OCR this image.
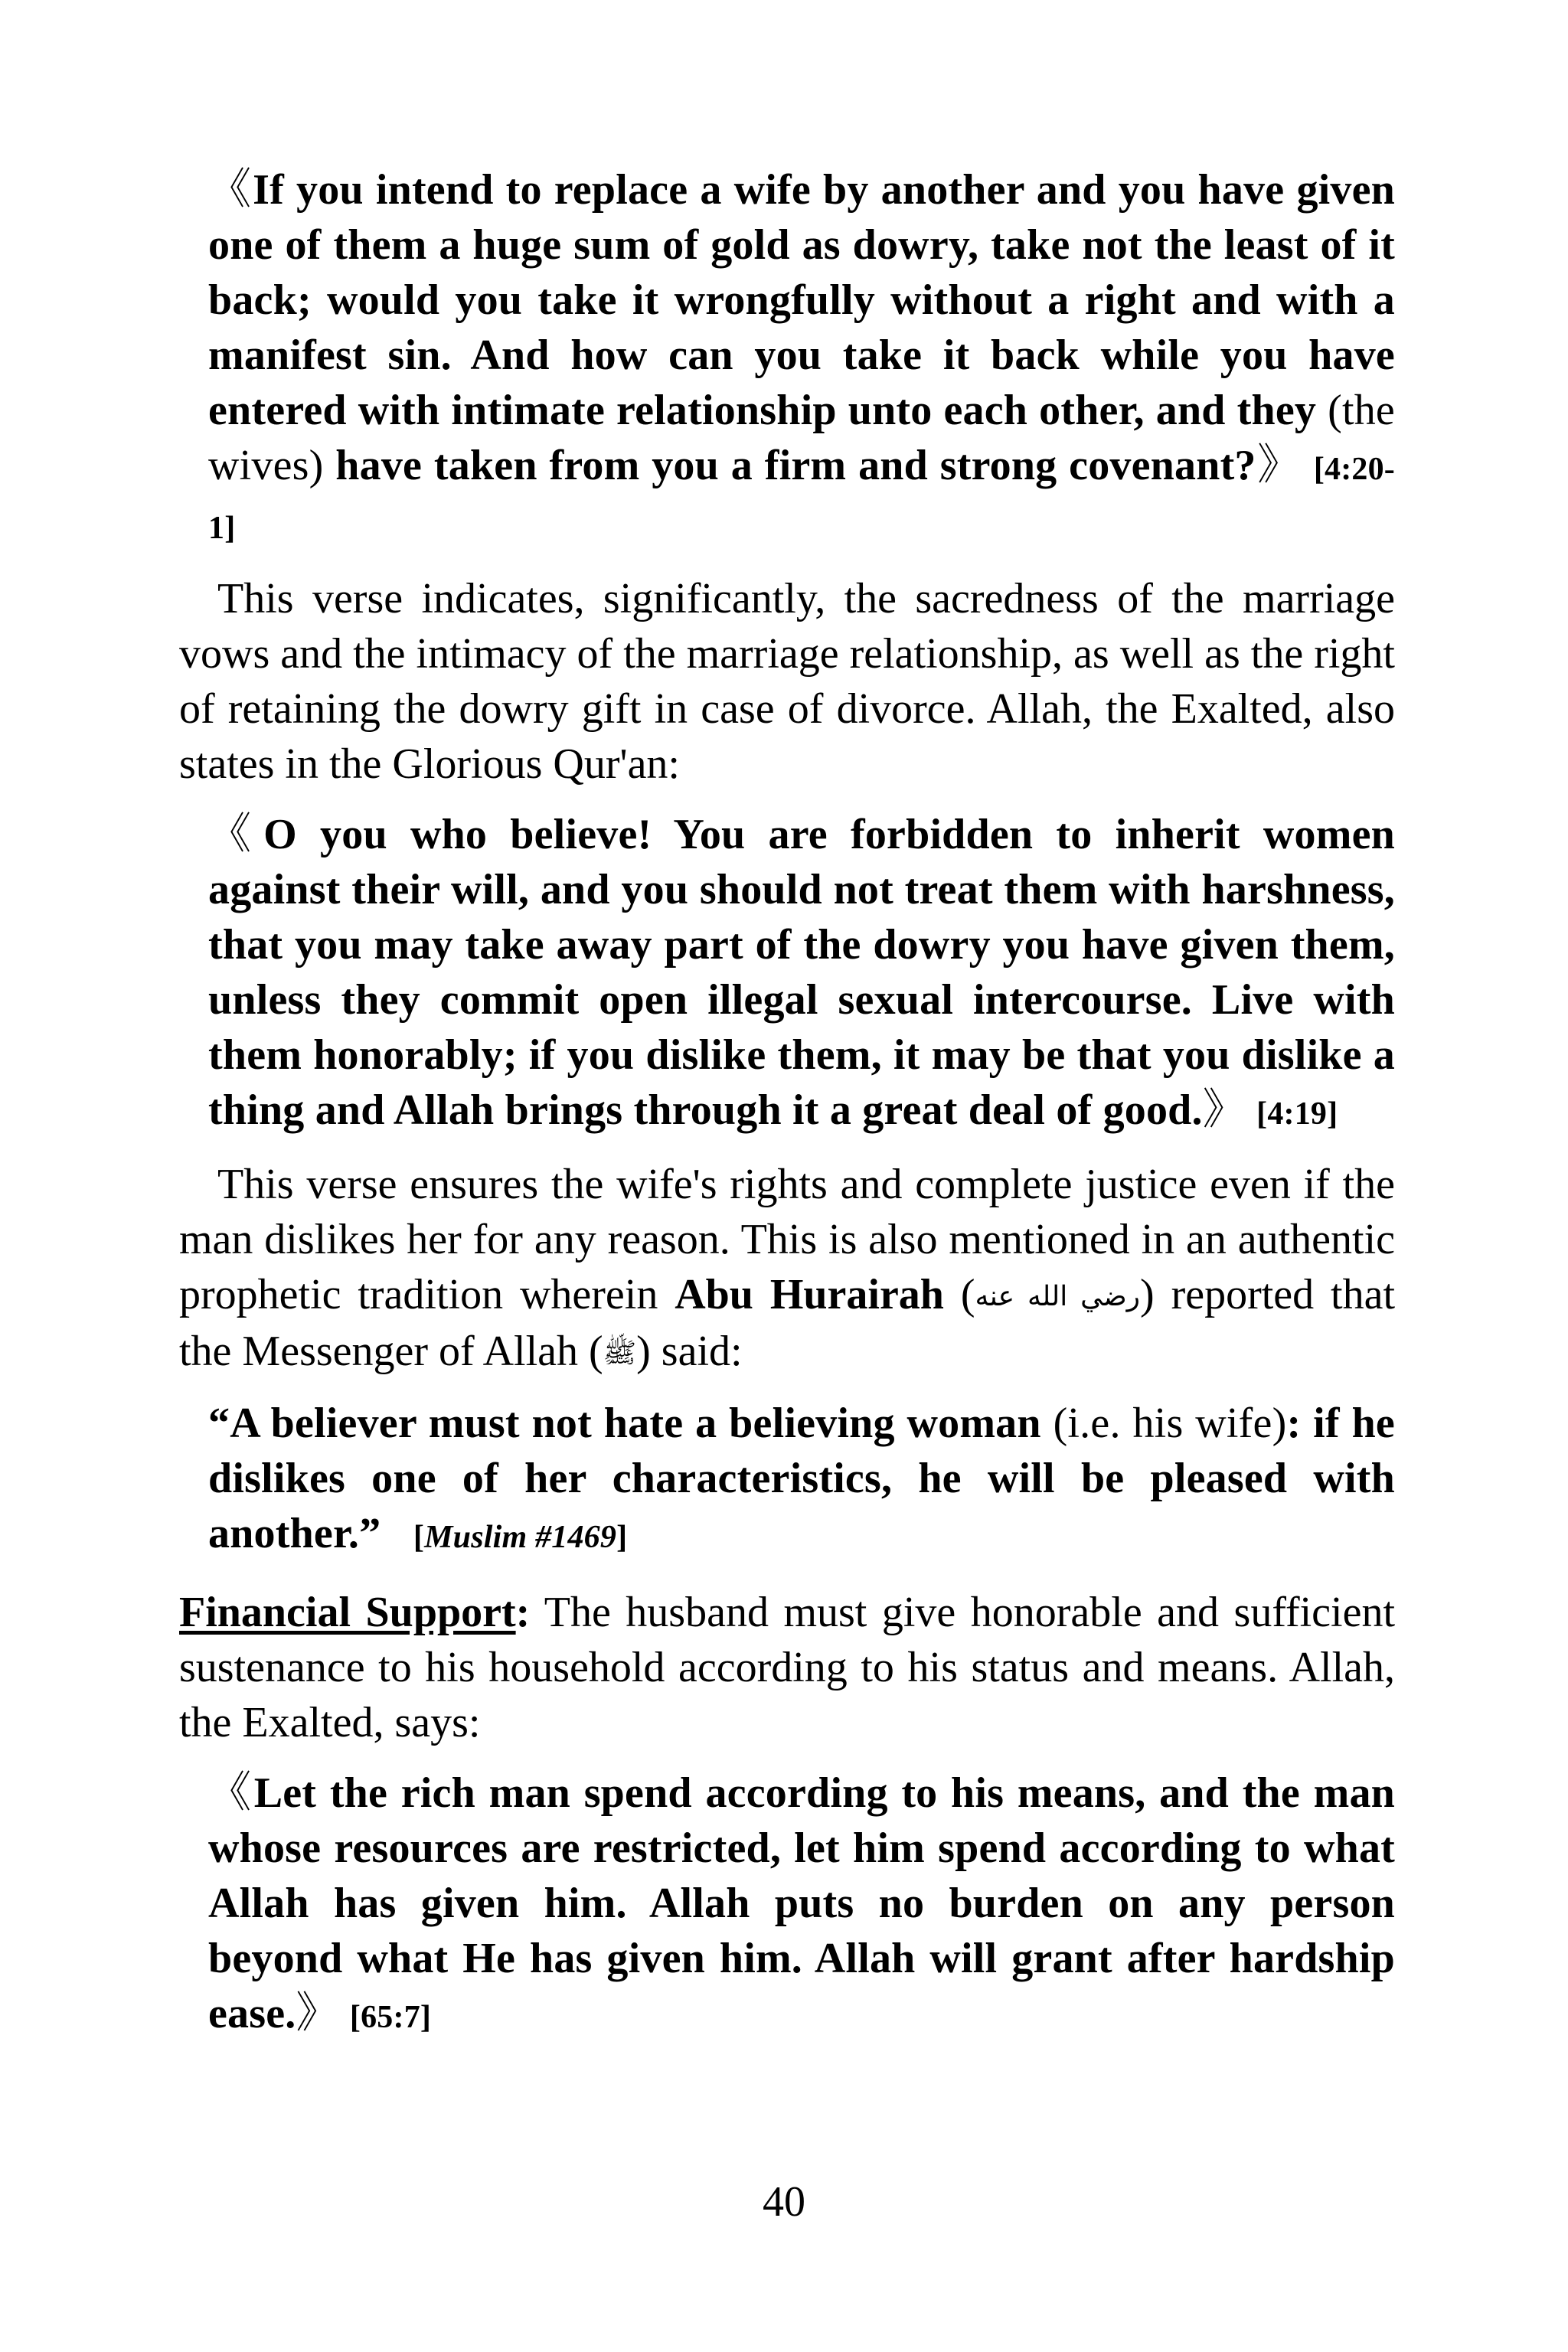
《If you intend to replace a wife by another and you have given one of them a huge sum of gold as dowry, take not the least of it back; would you take it wrongfully without a right and with a manifest sin. And how can you take it back while you have entered with intimate relationship unto each other, and they (the wives) have taken from you a firm and strong covenant?》 [4:20-1]
This verse indicates, significantly, the sacredness of the marriage vows and the intimacy of the marriage relationship, as well as the right of retaining the dowry gift in case of divorce. Allah, the Exalted, also states in the Glorious Qur'an:
《O you who believe! You are forbidden to inherit women against their will, and you should not treat them with harshness, that you may take away part of the dowry you have given them, unless they commit open illegal sexual intercourse. Live with them honorably; if you dislike them, it may be that you dislike a thing and Allah brings through it a great deal of good.》 [4:19]
This verse ensures the wife's rights and complete justice even if the man dislikes her for any reason. This is also mentioned in an authentic prophetic tradition wherein Abu Hurairah (رضي الله عنه) reported that the Messenger of Allah (ﷺ) said:
“A believer must not hate a believing woman (i.e. his wife): if he dislikes one of her characteristics, he will be pleased with another.” [Muslim #1469]
Financial Support: The husband must give honorable and sufficient sustenance to his household according to his status and means. Allah, the Exalted, says:
《Let the rich man spend according to his means, and the man whose resources are restricted, let him spend according to what Allah has given him. Allah puts no burden on any person beyond what He has given him. Allah will grant after hardship ease.》 [65:7]
40
